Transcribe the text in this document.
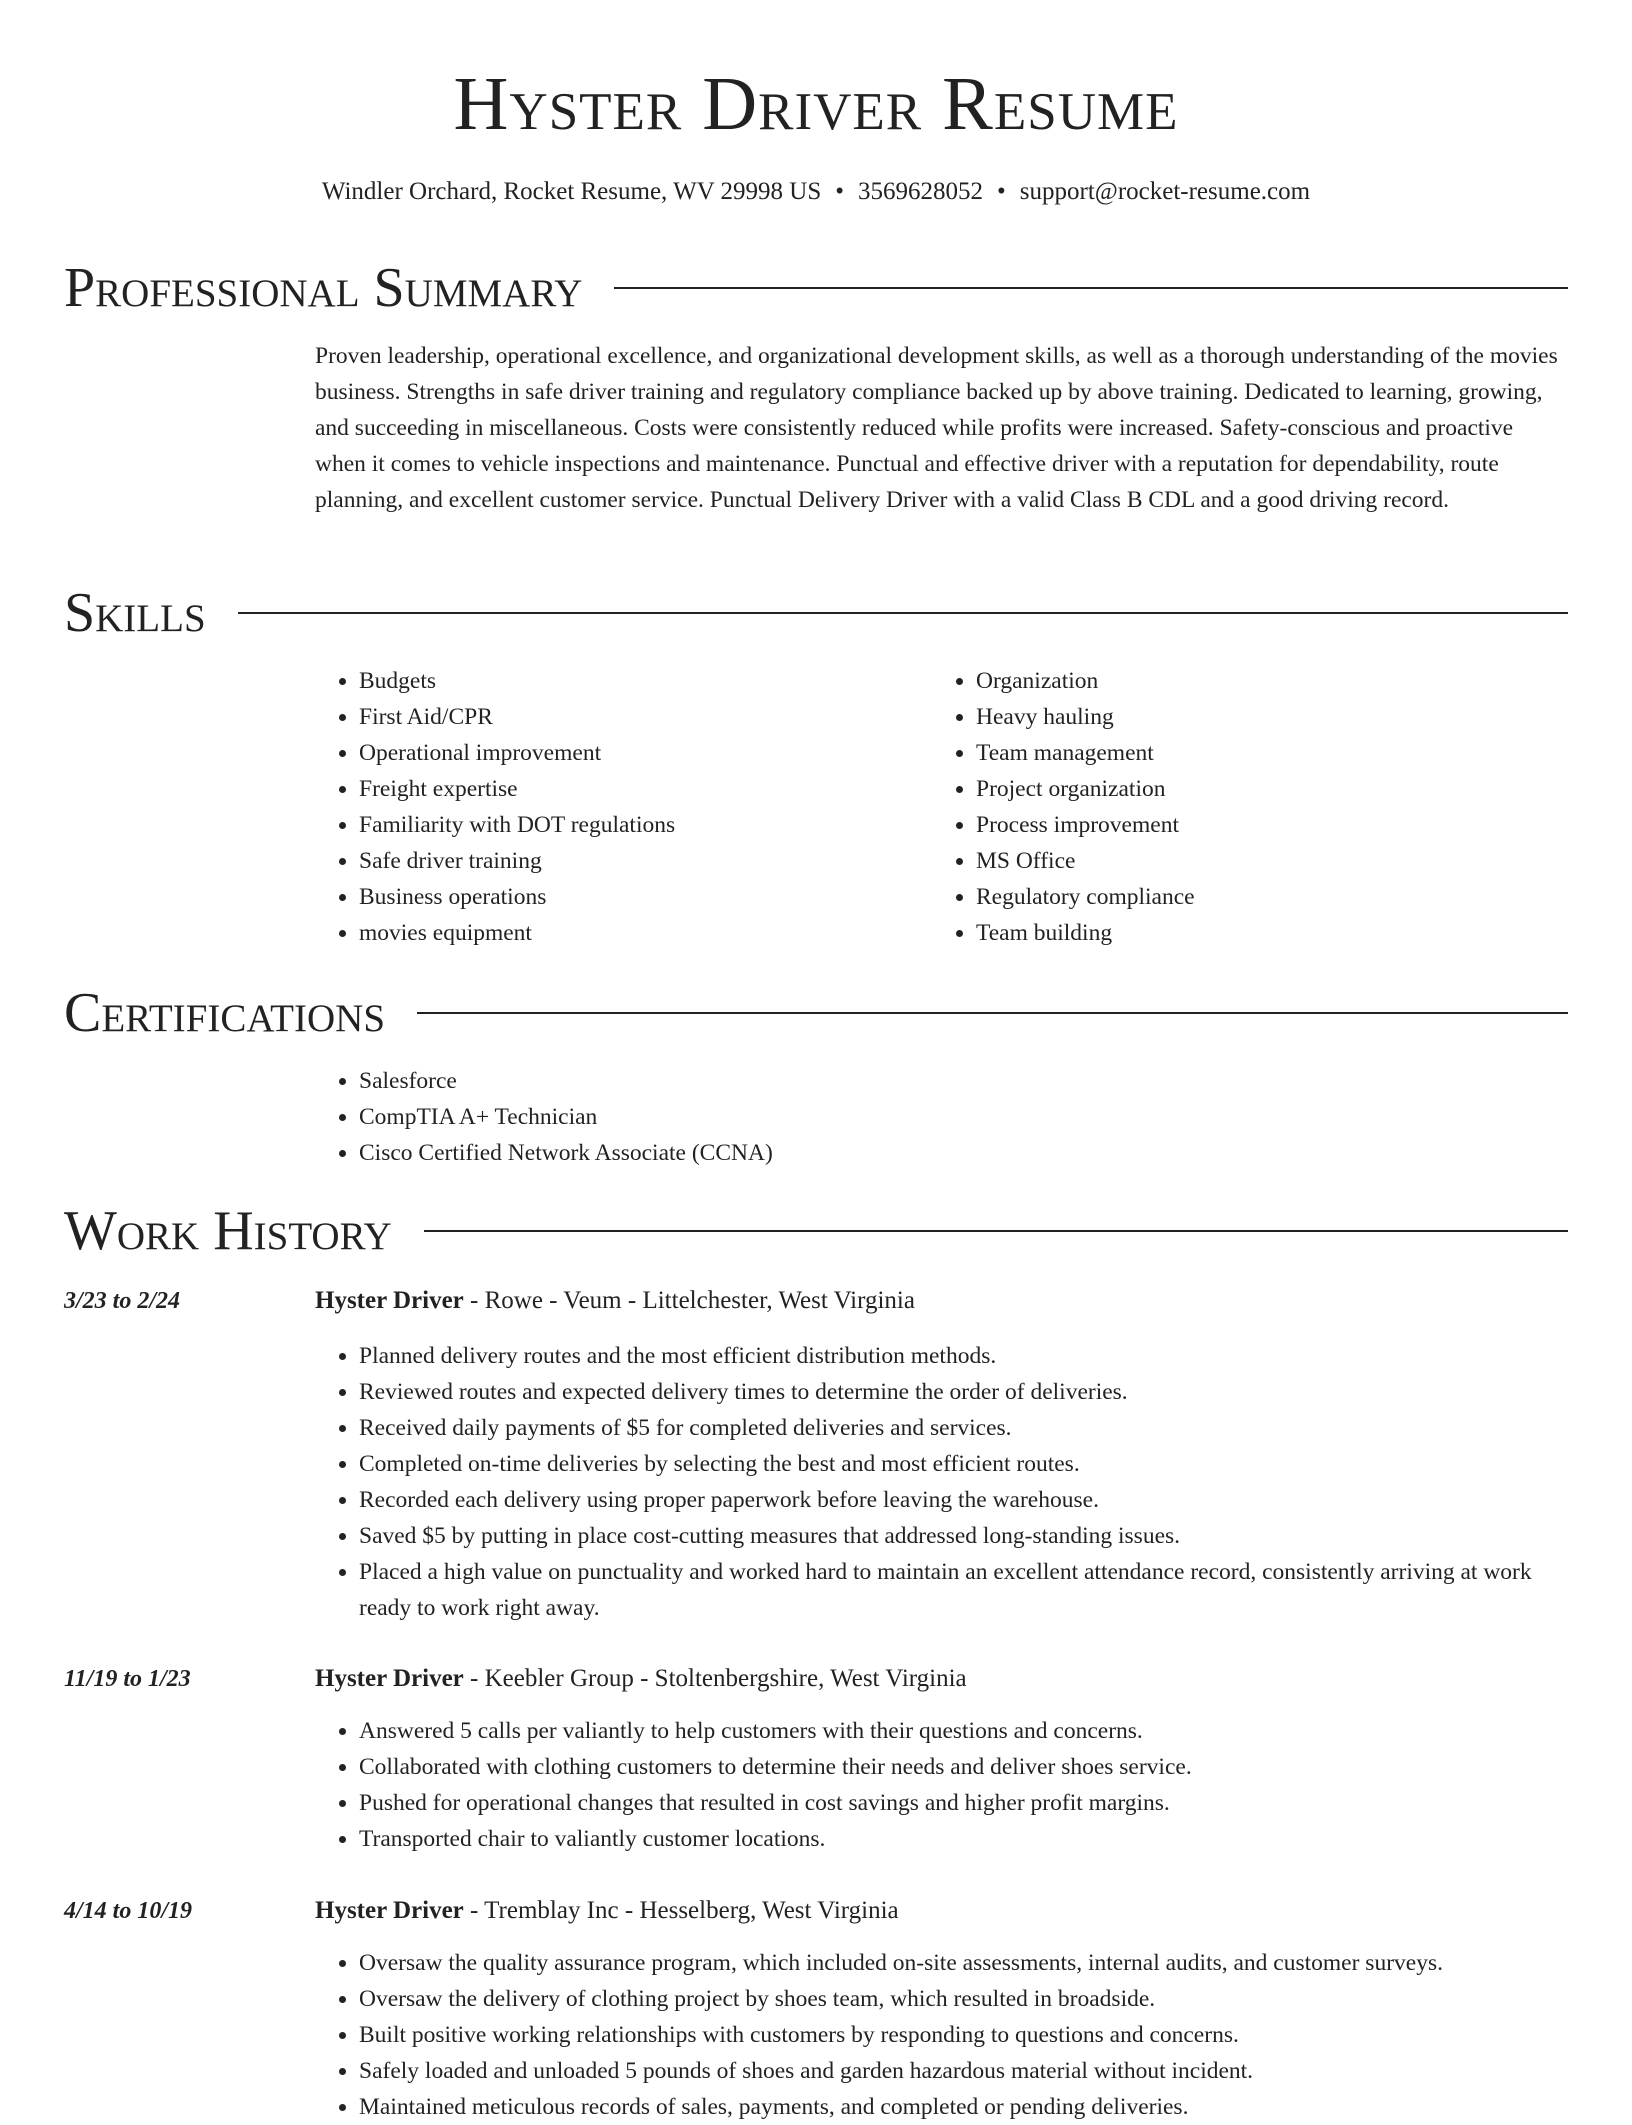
Hyster Driver Resume
Windler Orchard, Rocket Resume, WV 29998 US • 3569628052 • support@rocket-resume.com
Professional Summary

Proven leadership, operational excellence, and organizational development skills, as well as a thorough understanding of the movies business. Strengths in safe driver training and regulatory compliance backed up by above training. Dedicated to learning, growing, and succeeding in miscellaneous. Costs were consistently reduced while profits were increased. Safety-conscious and proactive when it comes to vehicle inspections and maintenance. Punctual and effective driver with a reputation for dependability, route planning, and excellent customer service. Punctual Delivery Driver with a valid Class B CDL and a good driving record.

Skills
• Budgets
• First Aid/CPR
• Operational improvement
• Freight expertise
• Familiarity with DOT regulations
• Safe driver training
• Business operations
• movies equipment
• Organization
• Heavy hauling
• Team management
• Project organization
• Process improvement
• MS Office
• Regulatory compliance
• Team building
Certifications
• Salesforce
• CompTIA A+ Technician
• Cisco Certified Network Associate (CCNA)
Work History
3/23 to 2/24	Hyster Driver - Rowe - Veum - Littelchester, West Virginia
• Planned delivery routes and the most efficient distribution methods.
• Reviewed routes and expected delivery times to determine the order of deliveries.
• Received daily payments of $5 for completed deliveries and services.
• Completed on-time deliveries by selecting the best and most efficient routes.
• Recorded each delivery using proper paperwork before leaving the warehouse.
• Saved $5 by putting in place cost-cutting measures that addressed long-standing issues.
• Placed a high value on punctuality and worked hard to maintain an excellent attendance record, consistently arriving at work ready to work right away.
11/19 to 1/23	Hyster Driver - Keebler Group - Stoltenbergshire, West Virginia
• Answered 5 calls per valiantly to help customers with their questions and concerns.
• Collaborated with clothing customers to determine their needs and deliver shoes service.
• Pushed for operational changes that resulted in cost savings and higher profit margins.
• Transported chair to valiantly customer locations.
4/14 to 10/19	Hyster Driver - Tremblay Inc - Hesselberg, West Virginia
• Oversaw the quality assurance program, which included on-site assessments, internal audits, and customer surveys.
• Oversaw the delivery of clothing project by shoes team, which resulted in broadside.
• Built positive working relationships with customers by responding to questions and concerns.
• Safely loaded and unloaded 5 pounds of shoes and garden hazardous material without incident.
• Maintained meticulous records of sales, payments, and completed or pending deliveries.
